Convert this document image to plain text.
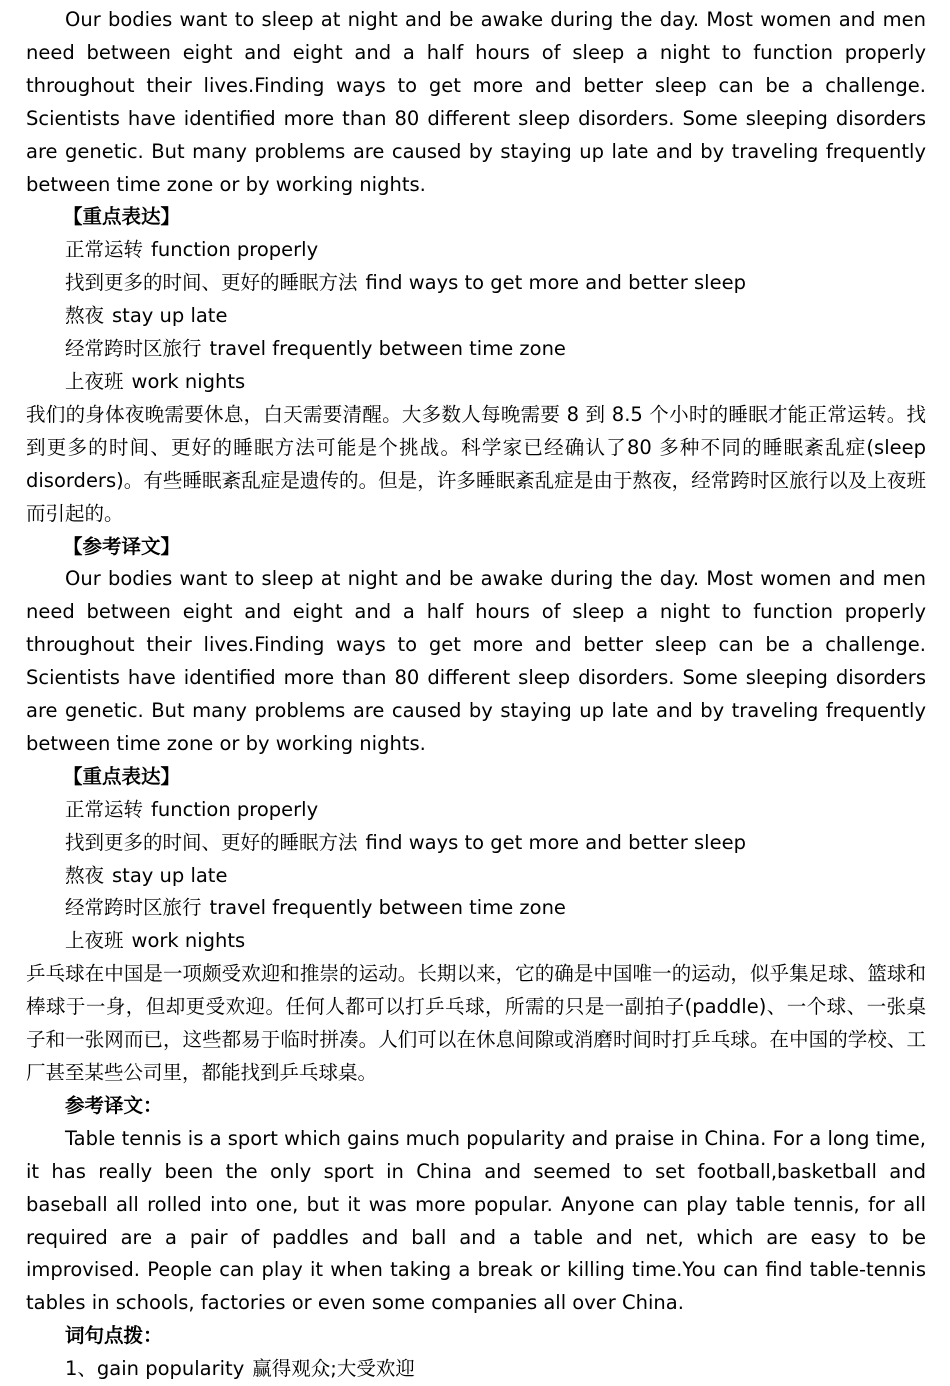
Our bodies want to sleep at night and be awake during the day. Most women and men need between eight and eight and a half hours of sleep a night to function properly throughout their lives.Finding ways to get more and better sleep can be a challenge. Scientists have identified more than 80 different sleep disorders. Some sleeping disorders are genetic. But many problems are caused by staying up late and by traveling frequently between time zone or by working nights.

【重点表达】

正常运转 function properly

找到更多的时间、更好的睡眠方法 find ways to get more and better sleep

熬夜 stay up late

经常跨时区旅行 travel frequently between time zone

上夜班 work nights

我们的身体夜晚需要休息，白天需要清醒。大多数人每晚需要 8 到 8.5 个小时的睡眠才能正常运转。找到更多的时间、更好的睡眠方法可能是个挑战。科学家已经确认了80 多种不同的睡眠紊乱症(sleep disorders)。有些睡眠紊乱症是遗传的。但是，许多睡眠紊乱症是由于熬夜，经常跨时区旅行以及上夜班而引起的。

【参考译文】

Our bodies want to sleep at night and be awake during the day. Most women and men need between eight and eight and a half hours of sleep a night to function properly throughout their lives.Finding ways to get more and better sleep can be a challenge. Scientists have identified more than 80 different sleep disorders. Some sleeping disorders are genetic. But many problems are caused by staying up late and by traveling frequently between time zone or by working nights.

【重点表达】

正常运转 function properly

找到更多的时间、更好的睡眠方法 find ways to get more and better sleep

熬夜 stay up late

经常跨时区旅行 travel frequently between time zone

上夜班 work nights

乒乓球在中国是一项颇受欢迎和推崇的运动。长期以来，它的确是中国唯一的运动，似乎集足球、篮球和棒球于一身，但却更受欢迎。任何人都可以打乒乓球，所需的只是一副拍子(paddle)、一个球、一张桌子和一张网而已，这些都易于临时拼凑。人们可以在休息间隙或消磨时间时打乒乓球。在中国的学校、工厂甚至某些公司里，都能找到乒乓球桌。

参考译文：

Table tennis is a sport which gains much popularity and praise in China. For a long time, it has really been the only sport in China and seemed to set football,basketball and baseball all rolled into one, but it was more popular. Anyone can play table tennis, for all required are a pair of paddles and ball and a table and net, which are easy to be improvised. People can play it when taking a break or killing time.You can find table-tennis tables in schools, factories or even some companies all over China.

词句点拨：

1、gain popularity 赢得观众;大受欢迎
